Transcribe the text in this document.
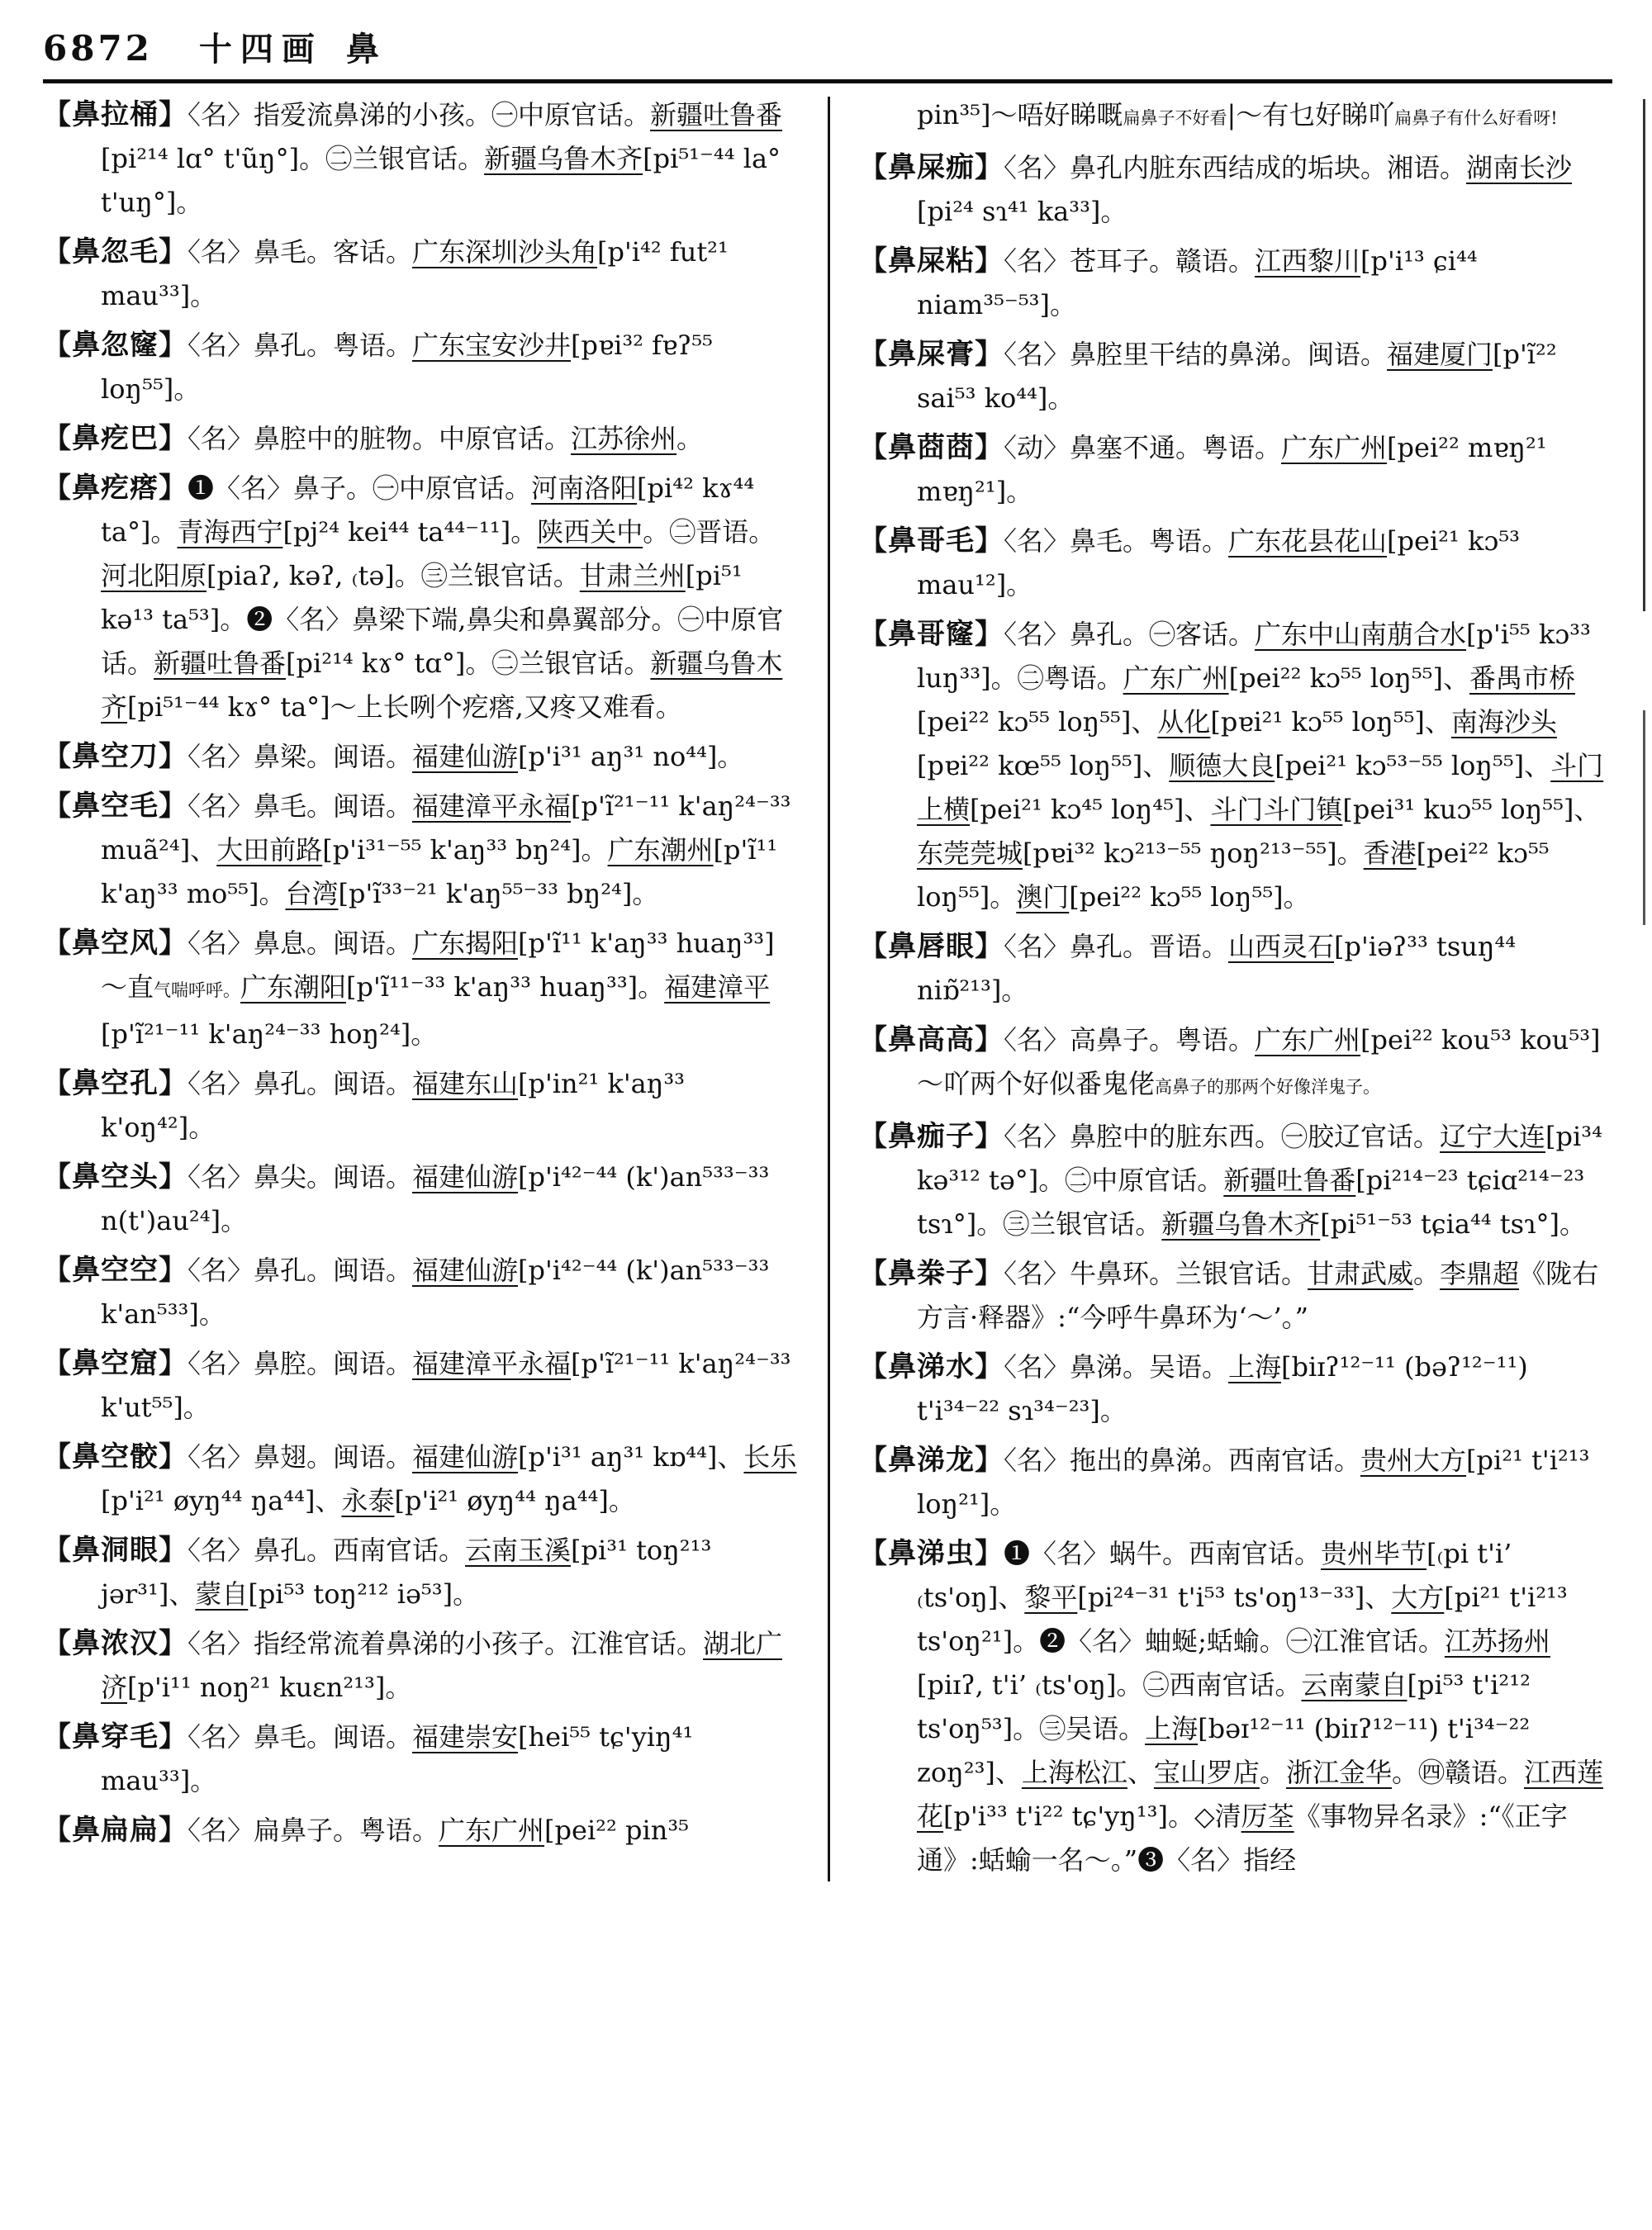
6872 十四画 鼻
【鼻拉桶】〈名〉指爱流鼻涕的小孩。㊀中原官话。新疆吐鲁番[pi²¹⁴ lɑ° t'ũŋ°]。㊁兰银官话。新疆乌鲁木齐[pi⁵¹⁻⁴⁴ la° t'uŋ°]。
【鼻忽毛】〈名〉鼻毛。客话。广东深圳沙头角[p'i⁴² fut²¹ mau³³]。
【鼻忽窿】〈名〉鼻孔。粤语。广东宝安沙井[pɐi³² fɐʔ⁵⁵ loŋ⁵⁵]。
【鼻疙巴】〈名〉鼻腔中的脏物。中原官话。江苏徐州。
【鼻疙瘩】❶〈名〉鼻子。㊀中原官话。河南洛阳[pi⁴² kɤ⁴⁴ ta°]。青海西宁[pj²⁴ kei⁴⁴ ta⁴⁴⁻¹¹]。陕西关中。㊁晋语。河北阳原[piaʔ, kəʔ, ₍tə]。㊂兰银官话。甘肃兰州[pi⁵¹ kə¹³ ta⁵³]。❷〈名〉鼻梁下端,鼻尖和鼻翼部分。㊀中原官话。新疆吐鲁番[pi²¹⁴ kɤ° tɑ°]。㊁兰银官话。新疆乌鲁木齐[pi⁵¹⁻⁴⁴ kɤ° ta°]～上长咧个疙瘩,又疼又难看。
【鼻空刀】〈名〉鼻梁。闽语。福建仙游[p'i³¹ aŋ³¹ no⁴⁴]。
【鼻空毛】〈名〉鼻毛。闽语。福建漳平永福[p'ĩ²¹⁻¹¹ k'aŋ²⁴⁻³³ muã²⁴]、大田前路[p'i³¹⁻⁵⁵ k'aŋ³³ bŋ²⁴]。广东潮州[p'ĩ¹¹ k'aŋ³³ mo⁵⁵]。台湾[p'ĩ³³⁻²¹ k'aŋ⁵⁵⁻³³ bŋ²⁴]。
【鼻空风】〈名〉鼻息。闽语。广东揭阳[p'ĩ¹¹ k'aŋ³³ huaŋ³³]～直气喘呼呼。广东潮阳[p'ĩ¹¹⁻³³ k'aŋ³³ huaŋ³³]。福建漳平[p'ĩ²¹⁻¹¹ k'aŋ²⁴⁻³³ hoŋ²⁴]。
【鼻空孔】〈名〉鼻孔。闽语。福建东山[p'in²¹ k'aŋ³³ k'oŋ⁴²]。
【鼻空头】〈名〉鼻尖。闽语。福建仙游[p'i⁴²⁻⁴⁴ (k')an⁵³³⁻³³ n(t')au²⁴]。
【鼻空空】〈名〉鼻孔。闽语。福建仙游[p'i⁴²⁻⁴⁴ (k')an⁵³³⁻³³ k'an⁵³³]。
【鼻空窟】〈名〉鼻腔。闽语。福建漳平永福[p'ĩ²¹⁻¹¹ k'aŋ²⁴⁻³³ k'ut⁵⁵]。
【鼻空骹】〈名〉鼻翅。闽语。福建仙游[p'i³¹ aŋ³¹ kɒ⁴⁴]、长乐[p'i²¹ øyŋ⁴⁴ ŋa⁴⁴]、永泰[p'i²¹ øyŋ⁴⁴ ŋa⁴⁴]。
【鼻洞眼】〈名〉鼻孔。西南官话。云南玉溪[pi³¹ toŋ²¹³ jər³¹]、蒙自[pi⁵³ toŋ²¹² iə⁵³]。
【鼻浓汉】〈名〉指经常流着鼻涕的小孩子。江淮官话。湖北广济[p'i¹¹ noŋ²¹ kuɛn²¹³]。
【鼻穿毛】〈名〉鼻毛。闽语。福建崇安[hei⁵⁵ tɕ'yiŋ⁴¹ mau³³]。
【鼻扁扁】〈名〉扁鼻子。粤语。广东广州[pei²² pin³⁵
pin³⁵]～唔好睇嘅扁鼻子不好看|～有乜好睇吖扁鼻子有什么好看呀!
【鼻屎痂】〈名〉鼻孔内脏东西结成的垢块。湘语。湖南长沙[pi²⁴ sɿ⁴¹ ka³³]。
【鼻屎粘】〈名〉苍耳子。赣语。江西黎川[p'i¹³ ɕi⁴⁴ niam³⁵⁻⁵³]。
【鼻屎膏】〈名〉鼻腔里干结的鼻涕。闽语。福建厦门[p'ĩ²² sai⁵³ ko⁴⁴]。
【鼻莔莔】〈动〉鼻塞不通。粤语。广东广州[pei²² mɐŋ²¹ mɐŋ²¹]。
【鼻哥毛】〈名〉鼻毛。粤语。广东花县花山[pei²¹ kɔ⁵³ mau¹²]。
【鼻哥窿】〈名〉鼻孔。㊀客话。广东中山南萠合水[p'i⁵⁵ kɔ³³ luŋ³³]。㊁粤语。广东广州[pei²² kɔ⁵⁵ loŋ⁵⁵]、番禺市桥[pei²² kɔ⁵⁵ loŋ⁵⁵]、从化[pɐi²¹ kɔ⁵⁵ loŋ⁵⁵]、南海沙头[pɐi²² kœ⁵⁵ loŋ⁵⁵]、顺德大良[pei²¹ kɔ⁵³⁻⁵⁵ loŋ⁵⁵]、斗门上横[pei²¹ kɔ⁴⁵ loŋ⁴⁵]、斗门斗门镇[pei³¹ kuɔ⁵⁵ loŋ⁵⁵]、东莞莞城[pɐi³² kɔ²¹³⁻⁵⁵ ŋoŋ²¹³⁻⁵⁵]。香港[pei²² kɔ⁵⁵ loŋ⁵⁵]。澳门[pei²² kɔ⁵⁵ loŋ⁵⁵]。
【鼻唇眼】〈名〉鼻孔。晋语。山西灵石[p'iəʔ³³ tsuŋ⁴⁴ niɒ̃²¹³]。
【鼻高高】〈名〉高鼻子。粤语。广东广州[pei²² kou⁵³ kou⁵³]～吖两个好似番鬼佬高鼻子的那两个好像洋鬼子。
【鼻痂子】〈名〉鼻腔中的脏东西。㊀胶辽官话。辽宁大连[pi³⁴ kə³¹² tə°]。㊁中原官话。新疆吐鲁番[pi²¹⁴⁻²³ tɕiɑ²¹⁴⁻²³ tsɿ°]。㊂兰银官话。新疆乌鲁木齐[pi⁵¹⁻⁵³ tɕia⁴⁴ tsɿ°]。
【鼻桊子】〈名〉牛鼻环。兰银官话。甘肃武威。李鼎超《陇右方言·释器》:“今呼牛鼻环为‘～’。”
【鼻涕水】〈名〉鼻涕。吴语。上海[biɪʔ¹²⁻¹¹ (bəʔ¹²⁻¹¹) t'i³⁴⁻²² sɿ³⁴⁻²³]。
【鼻涕龙】〈名〉拖出的鼻涕。西南官话。贵州大方[pi²¹ t'i²¹³ loŋ²¹]。
【鼻涕虫】❶〈名〉蜗牛。西南官话。贵州毕节[₍pi t'i’ ₍ts'oŋ]、黎平[pi²⁴⁻³¹ t'i⁵³ ts'oŋ¹³⁻³³]、大方[pi²¹ t'i²¹³ ts'oŋ²¹]。❷〈名〉蚰蜒;蛞蝓。㊀江淮官话。江苏扬州[piɪʔ, t'i’ ₍ts'oŋ]。㊁西南官话。云南蒙自[pi⁵³ t'i²¹² ts'oŋ⁵³]。㊂吴语。上海[bəɪ¹²⁻¹¹ (biɪʔ¹²⁻¹¹) t'i³⁴⁻²² zoŋ²³]、上海松江、宝山罗店。浙江金华。㊃赣语。江西莲花[p'i³³ t'i²² tɕ'yŋ¹³]。◇清厉荃《事物异名录》:“《正字通》:蛞蝓一名～。”❸〈名〉指经
